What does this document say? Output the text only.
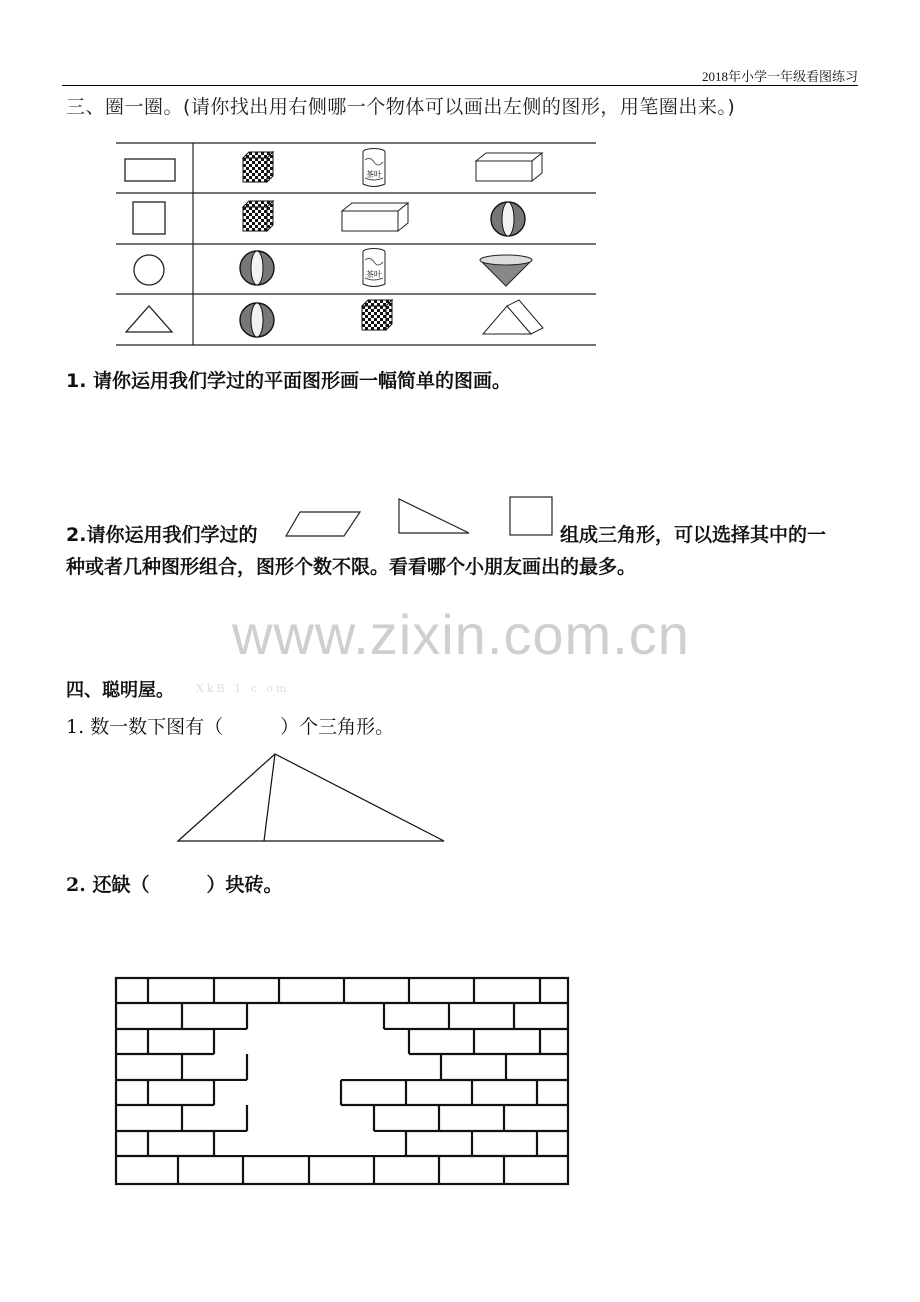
2018年小学一年级看图练习
三、圈一圈。(请你找出用右侧哪一个物体可以画出左侧的图形，用笔圈出来。)
茶叶
茶叶
1. 请你运用我们学过的平面图形画一幅简单的图画。
2.请你运用我们学过的	组成三角形，可以选择其中的一
种或者几种图形组合，图形个数不限。看看哪个小朋友画出的最多。
www.zixin.com.cn
四、聪明屋。 XkB 1 c om
1. 数一数下图有（　　　）个三角形。
2. 还缺（　　　）块砖。
